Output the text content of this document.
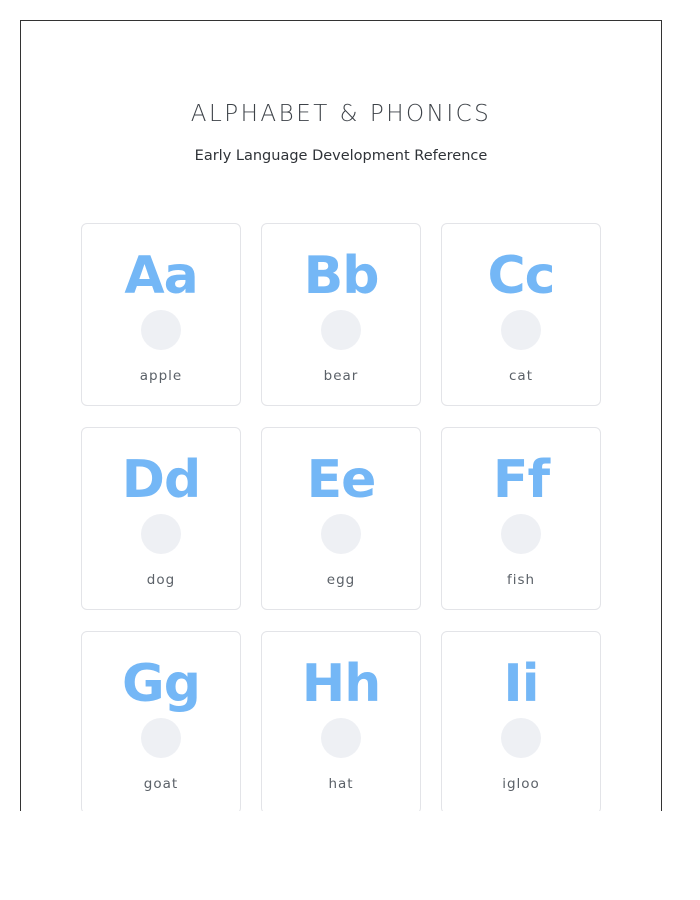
ALPHABET & PHONICS

Early Language Development Reference

Aa
apple
Bb
bear
Cc
cat
Dd
dog
Ee
egg
Ff
fish
Gg
goat
Hh
hat
Ii
igloo
